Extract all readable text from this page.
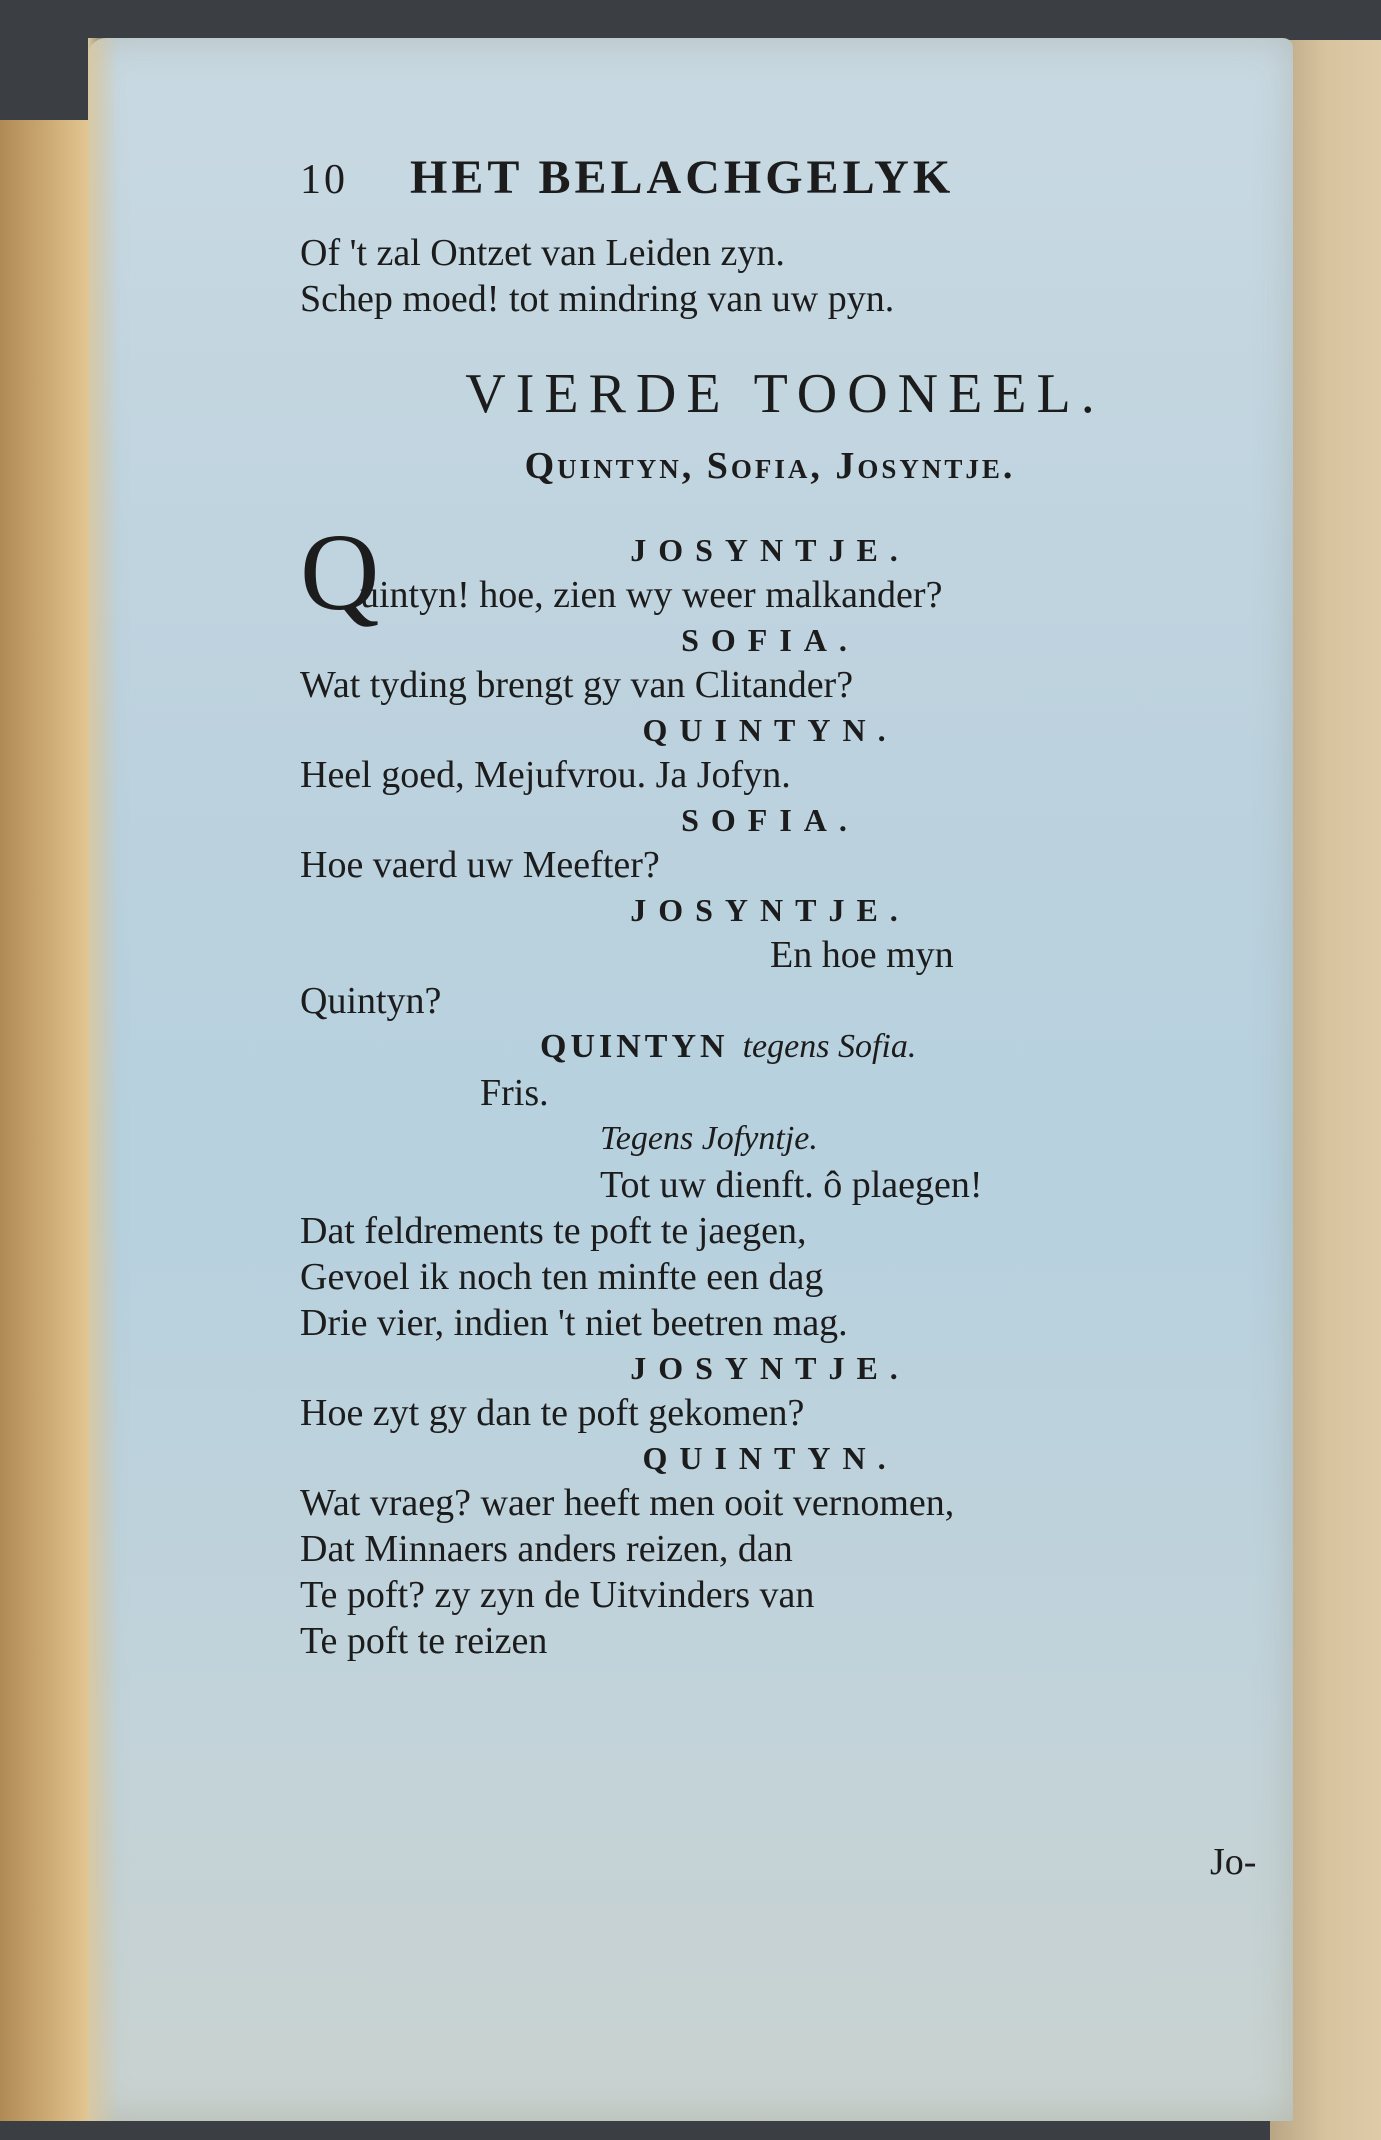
10	HET BELACHGELYK
Of 't zal Ontzet van Leiden zyn.
Schep moed! tot mindring van uw pyn.
VIERDE TOONEEL.
Quintyn, Sofia, Josyntje.
Q	JOSYNTJE.
uintyn! hoe, zien wy weer malkander?
SOFIA.
Wat tyding brengt gy van Clitander?
QUINTYN.
Heel goed, Mejufvrou. Ja Jofyn.
SOFIA.
Hoe vaerd uw Meefter?
JOSYNTJE.
En hoe myn
Quintyn?
QUINTYN tegens Sofia.
Fris.
Tegens Jofyntje.
Tot uw dienft. ô plaegen!
Dat feldrements te poft te jaegen,
Gevoel ik noch ten minfte een dag
Drie vier, indien 't niet beetren mag.
JOSYNTJE.
Hoe zyt gy dan te poft gekomen?
QUINTYN.
Wat vraeg? waer heeft men ooit vernomen,
Dat Minnaers anders reizen, dan
Te poft? zy zyn de Uitvinders van
Te poft te reizen
Jo-
